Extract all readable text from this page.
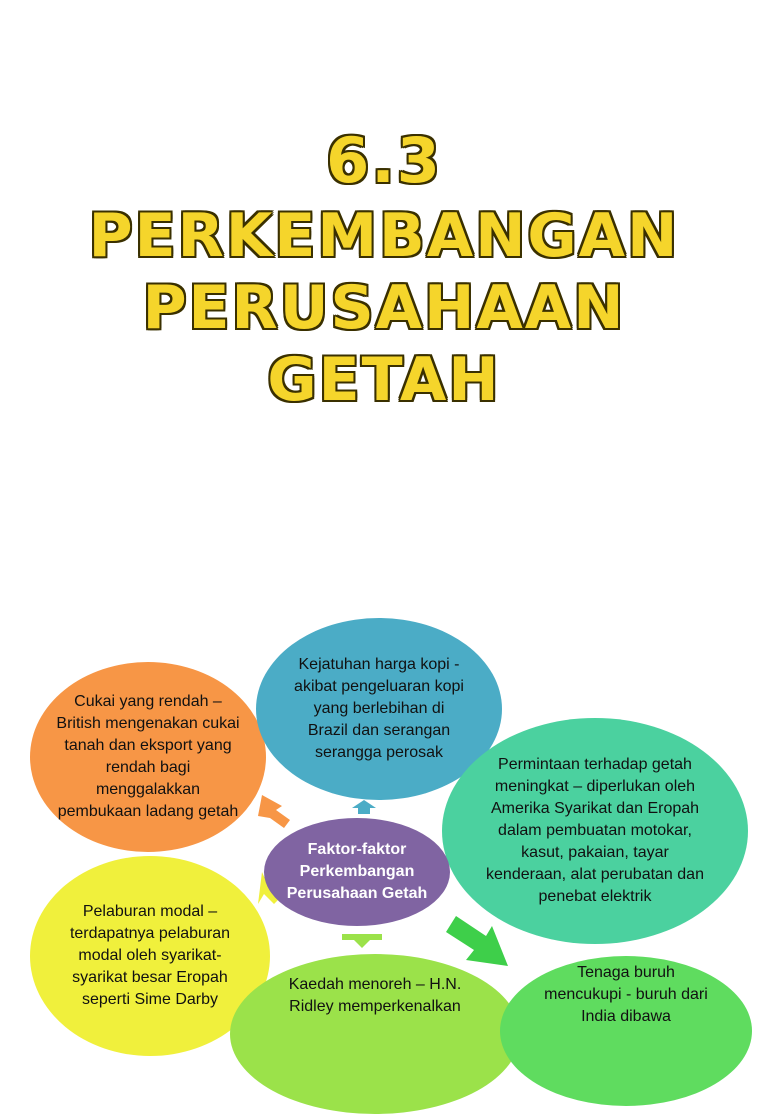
6.3
PERKEMBANGAN
PERUSAHAAN
GETAH
Cukai yang rendah – British mengenakan cukai tanah dan eksport yang rendah bagi menggalakkan pembukaan ladang getah
Kejatuhan harga kopi - akibat pengeluaran kopi yang berlebihan di Brazil dan serangan serangga perosak
Permintaan terhadap getah meningkat – diperlukan oleh Amerika Syarikat dan Eropah dalam pembuatan motokar, kasut, pakaian, tayar kenderaan, alat perubatan dan penebat elektrik
Pelaburan modal – terdapatnya pelaburan modal oleh syarikat-syarikat besar Eropah seperti Sime Darby
Kaedah menoreh – H.N. Ridley memperkenalkan
Tenaga buruh mencukupi - buruh dari India dibawa
Faktor-faktor Perkembangan Perusahaan Getah
